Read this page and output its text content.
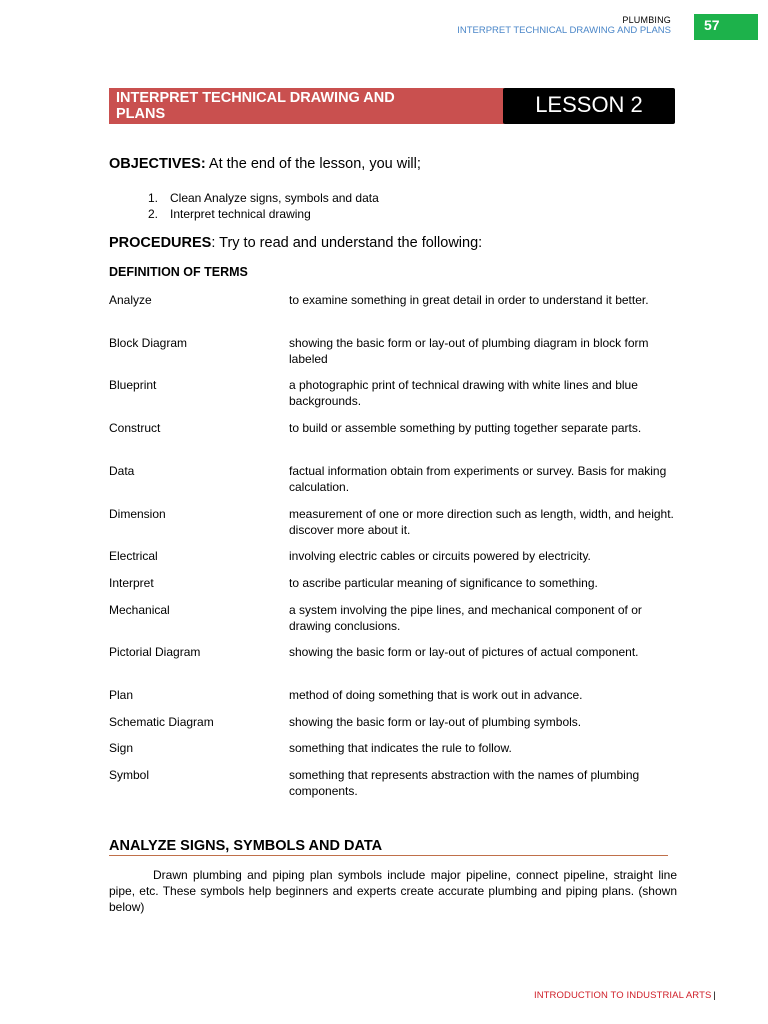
PLUMBING
INTERPRET TECHNICAL DRAWING AND PLANS	57
INTERPRET TECHNICAL DRAWING AND
PLANS	LESSON 2
OBJECTIVES: At the end of the lesson, you will;
1. Clean Analyze signs, symbols and data
2. Interpret technical drawing
PROCEDURES: Try to read and understand the following:
DEFINITION OF TERMS
Analyze	to examine something in great detail in order to understand it better.
Block Diagram	showing the basic form or lay-out of plumbing diagram in block form labeled
Blueprint	a photographic print of technical drawing with white lines and blue backgrounds.
Construct	to build or assemble something by putting together separate parts.
Data	factual information obtain from experiments or survey. Basis for making calculation.
Dimension	measurement of one or more direction such as length, width, and height. discover more about it.
Electrical	involving electric cables or circuits powered by electricity.
Interpret	to ascribe particular meaning of significance to something.
Mechanical	a system involving the pipe lines, and mechanical component of or drawing conclusions.
Pictorial Diagram	showing the basic form or lay-out of pictures of actual component.
Plan	method of doing something that is work out in advance.
Schematic Diagram	showing the basic form or lay-out of plumbing symbols.
Sign	something that indicates the rule to follow.
Symbol	something that represents abstraction with the names of plumbing components.
ANALYZE SIGNS, SYMBOLS AND DATA
Drawn plumbing and piping plan symbols include major pipeline, connect pipeline, straight line pipe, etc. These symbols help beginners and experts create accurate plumbing and piping plans. (shown below)
INTRODUCTION TO INDUSTRIAL ARTS |
